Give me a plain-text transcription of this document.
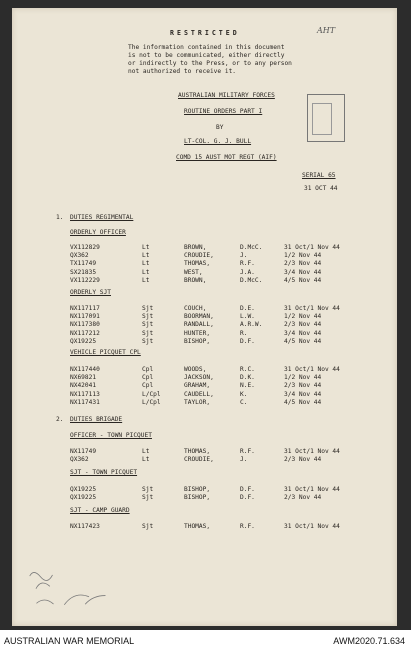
RESTRICTED	AHT
The information contained in this document
is not to be communicated, either directly
or indirectly to the Press, or to any person
not authorized to receive it.
AUSTRALIAN MILITARY FORCES
ROUTINE ORDERS PART I
BY
LT-COL. G. J. BULL
COMD 15 AUST MOT REGT (AIF)
SERIAL 65
31 OCT 44
1. DUTIES REGIMENTAL
ORDERLY OFFICER
VX112829	Lt	BROWN,	D.McC.	31 Oct/1 Nov 44
QX362	Lt	CROUDIE,	J.	1/2 Nov 44
TX11749	Lt	THOMAS,	R.F.	2/3 Nov 44
SX21835	Lt	WEST,	J.A.	3/4 Nov 44
VX112229	Lt	BROWN,	D.McC.	4/5 Nov 44
ORDERLY SJT
NX117117	Sjt	COUCH,	D.E.	31 Oct/1 Nov 44
NX117091	Sjt	BOORMAN,	L.W.	1/2 Nov 44
NX117380	Sjt	RANDALL,	A.R.W.	2/3 Nov 44
NX117212	Sjt	HUNTER,	R.	3/4 Nov 44
QX19225	Sjt	BISHOP,	D.F.	4/5 Nov 44
VEHICLE PICQUET CPL
NX117440	Cpl	WOODS,	R.C.	31 Oct/1 Nov 44
NX69821	Cpl	JACKSON,	D.K.	1/2 Nov 44
NX42041	Cpl	GRAHAM,	N.E.	2/3 Nov 44
NX117113	L/Cpl	CAUDELL,	K.	3/4 Nov 44
NX117431	L/Cpl	TAYLOR,	C.	4/5 Nov 44
2. DUTIES BRIGADE
OFFICER - TOWN PICQUET
NX11749	Lt	THOMAS,	R.F.	31 Oct/1 Nov 44
QX362	Lt	CROUDIE,	J.	2/3 Nov 44
SJT - TOWN PICQUET
QX19225	Sjt	BISHOP,	D.F.	31 Oct/1 Nov 44
QX19225	Sjt	BISHOP,	D.F.	2/3 Nov 44
SJT - CAMP GUARD
NX117423	Sjt	THOMAS,	R.F.	31 Oct/1 Nov 44
AUSTRALIAN WAR MEMORIAL	AWM2020.71.634
